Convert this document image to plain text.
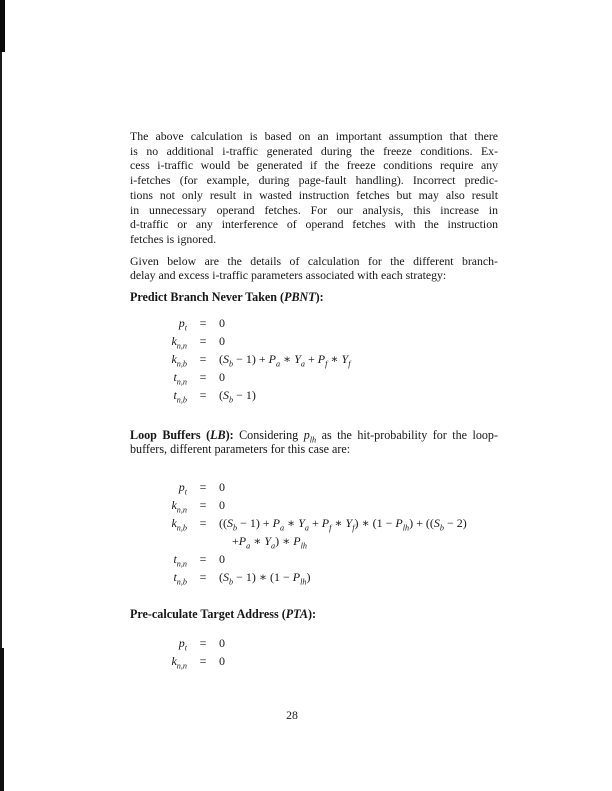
The above calculation is based on an important assumption that there
is no additional i-traffic generated during the freeze conditions. Ex-
cess i-traffic would be generated if the freeze conditions require any
i-fetches (for example, during page-fault handling). Incorrect predic-
tions not only result in wasted instruction fetches but may also result
in unnecessary operand fetches. For our analysis, this increase in
d-traffic or any interference of operand fetches with the instruction
fetches is ignored.

Given below are the details of calculation for the different branch-
delay and excess i-traffic parameters associated with each strategy:

Predict Branch Never Taken (PBNT):
$p_t$	=	0
$k_{n,n}$	=	0
$k_{n,b}$	=	$(S_b - 1) + P_a$ ∗ $Y_a + P_f$ ∗ $Y_f$
$t_{n,n}$	=	0
$t_{n,b}$	=	$(S_b - 1)$
Loop Buffers (LB): Considering $p_{lh}$ as the hit-probability for the loop-buffers, different parameters for this case are:
$p_t$	=	0
$k_{n,n}$	=	0
$k_{n,b}$	=	($(S_b - 1) + P_a$ ∗ $Y_a + P_f$ ∗ $Y_f$) ∗ $(1 - P_{lh}) + ((S_b - 2)$
$+P_a$ ∗ $Y_a$) ∗ $P_{lh}$
$t_{n,n}$	=	0
$t_{n,b}$	=	$(S_b - 1)$ ∗ $(1 - P_{lh})$
Pre-calculate Target Address (PTA):
$p_t$	=	0
$k_{n,n}$	=	0
28
